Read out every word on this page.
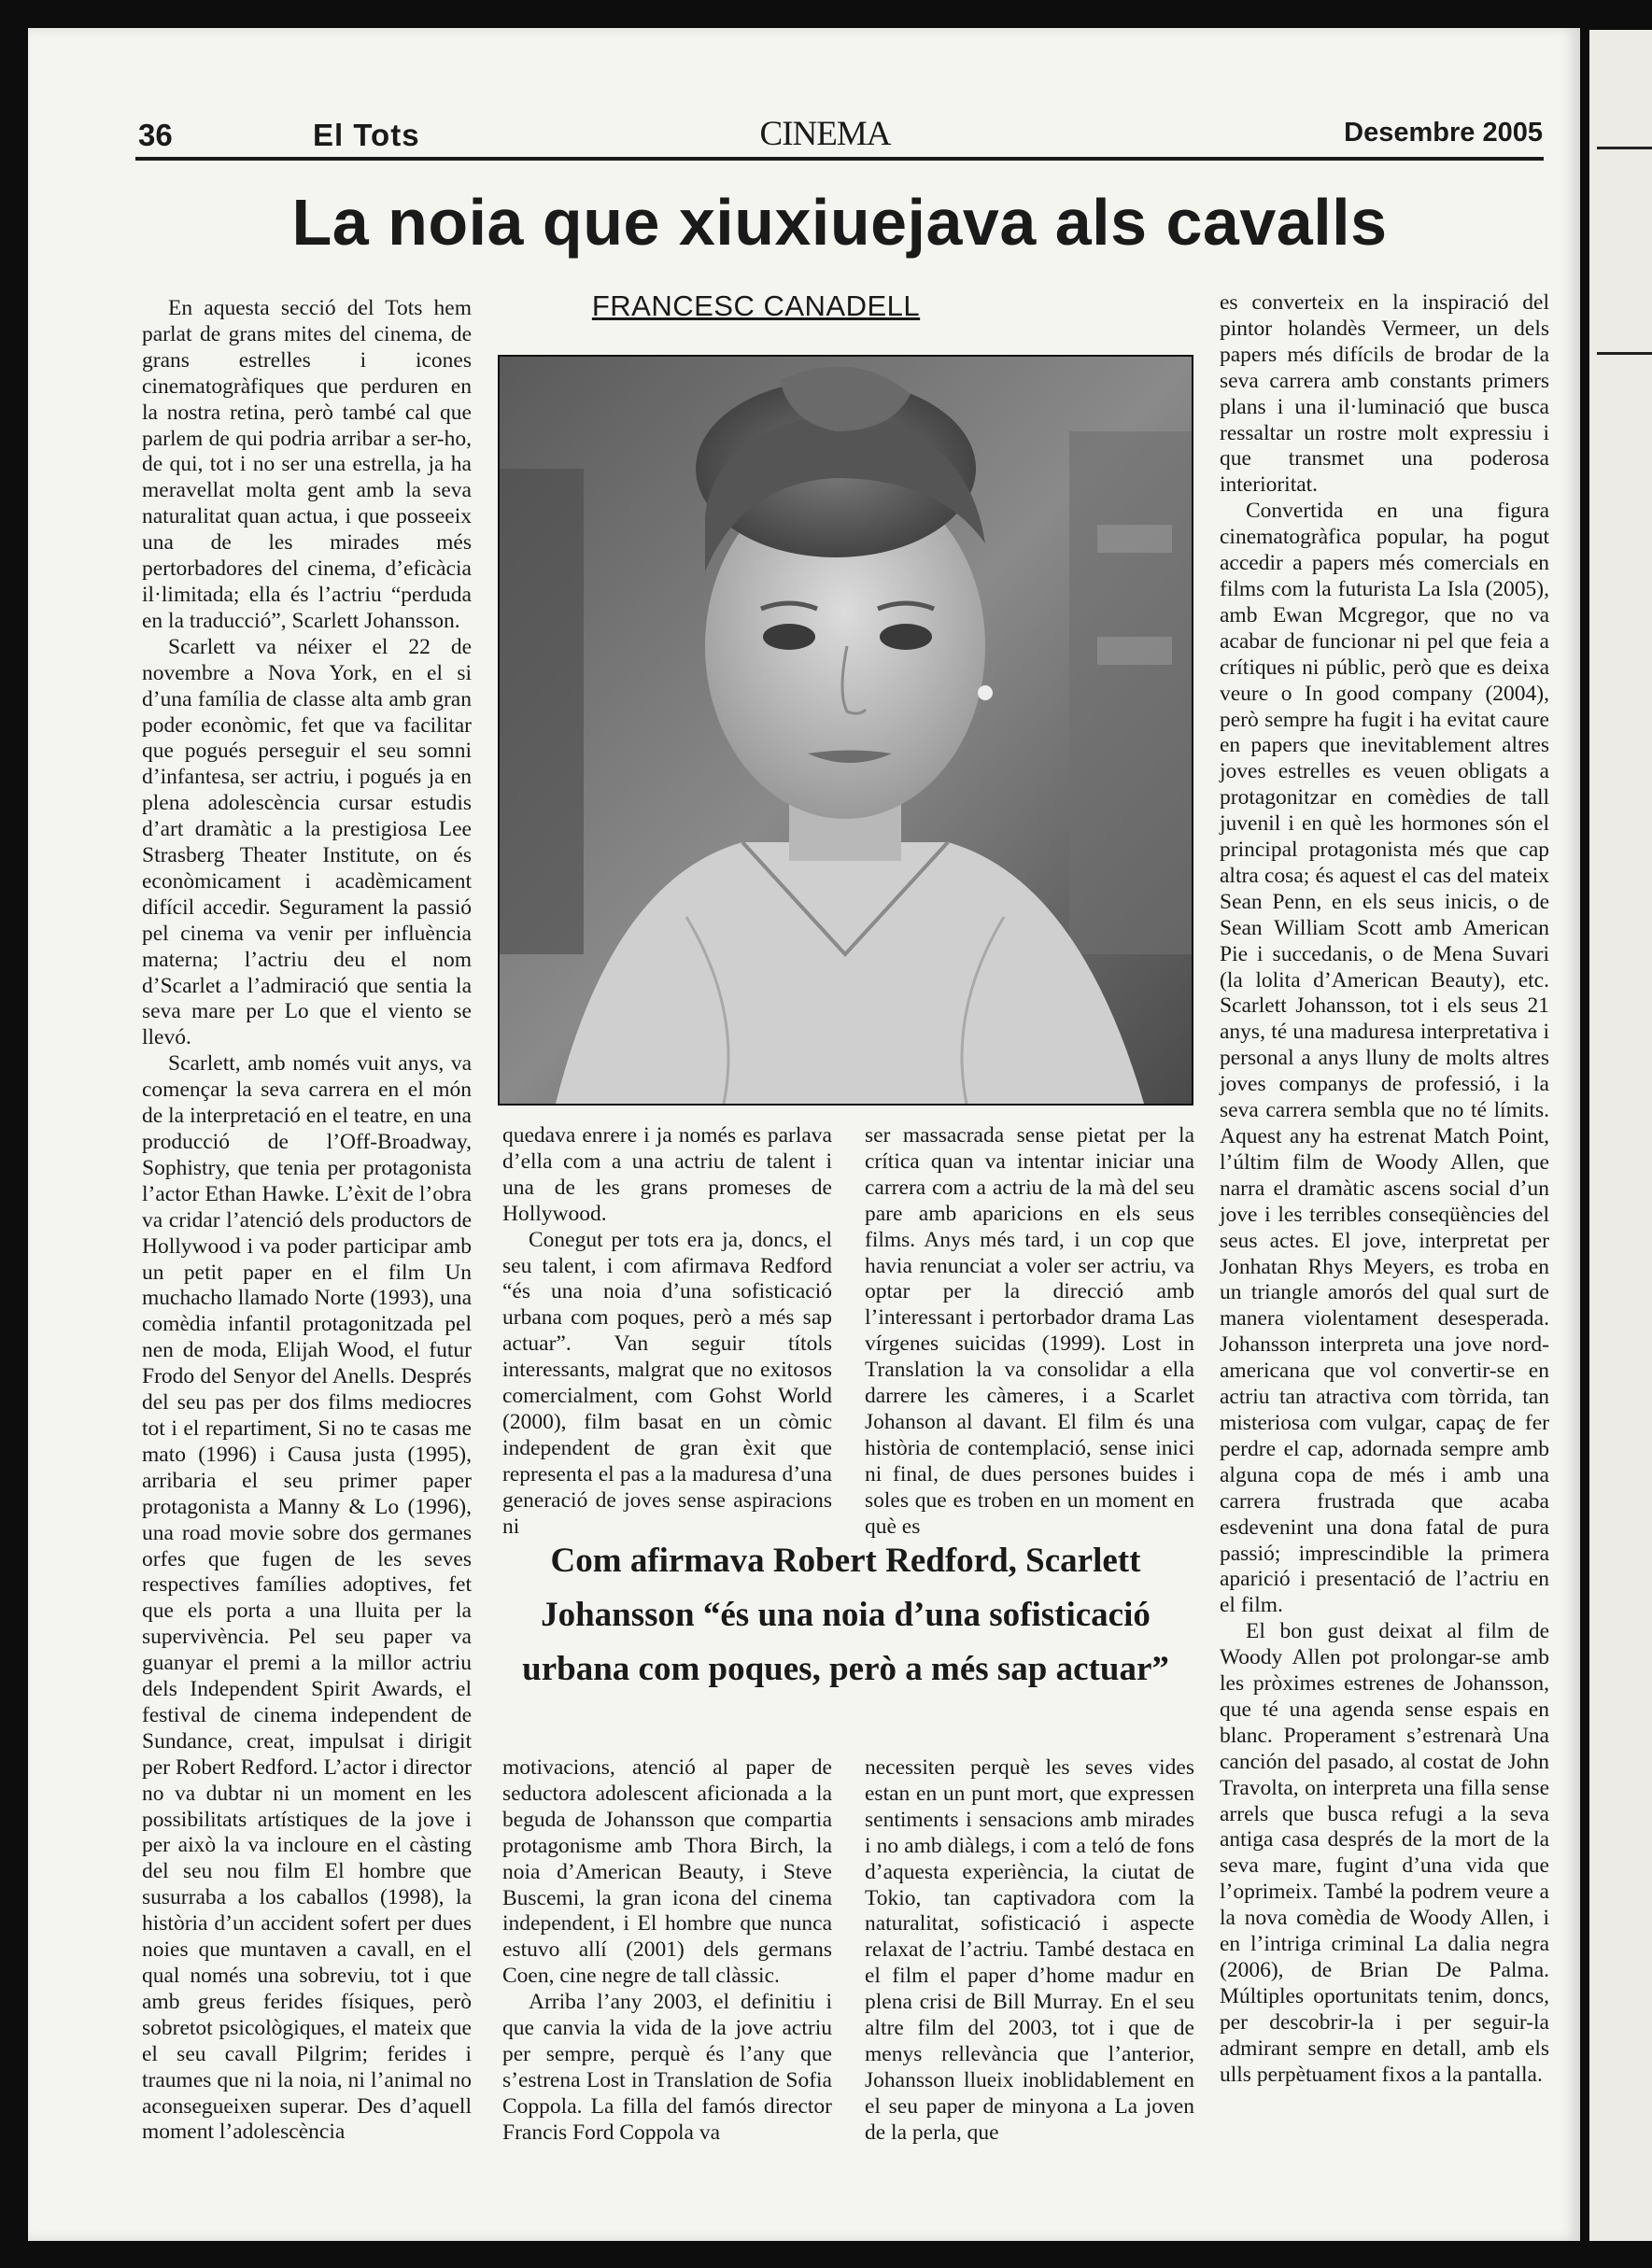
36	El Tots	CINEMA	Desembre 2005
La noia que xiuxiuejava als cavalls
FRANCESC CANADELL

En aquesta secció del Tots hem parlat de grans mites del cinema, de grans estrelles i icones cinematogràfiques que perduren en la nostra retina, però també cal que parlem de qui podria arribar a ser-ho, de qui, tot i no ser una estrella, ja ha meravellat molta gent amb la seva naturalitat quan actua, i que posseeix una de les mirades més pertorbadores del cinema, d’eficàcia il·limitada; ella és l’actriu “perduda en la traducció”, Scarlett Johansson.

Scarlett va néixer el 22 de novembre a Nova York, en el si d’una família de classe alta amb gran poder econòmic, fet que va facilitar que pogués perseguir el seu somni d’infantesa, ser actriu, i pogués ja en plena adolescència cursar estudis d’art dramàtic a la prestigiosa Lee Strasberg Theater Institute, on és econòmicament i acadèmicament difícil accedir. Segurament la passió pel cinema va venir per influència materna; l’actriu deu el nom d’Scarlet a l’admiració que sentia la seva mare per Lo que el viento se llevó.

Scarlett, amb només vuit anys, va començar la seva carrera en el món de la interpretació en el teatre, en una producció de l’Off-Broadway, Sophistry, que tenia per protagonista l’actor Ethan Hawke. L’èxit de l’obra va cridar l’atenció dels productors de Hollywood i va poder participar amb un petit paper en el film Un muchacho llamado Norte (1993), una comèdia infantil protagonitzada pel nen de moda, Elijah Wood, el futur Frodo del Senyor del Anells. Després del seu pas per dos films mediocres tot i el repartiment, Si no te casas me mato (1996) i Causa justa (1995), arribaria el seu primer paper protagonista a Manny & Lo (1996), una road movie sobre dos germanes orfes que fugen de les seves respectives famílies adoptives, fet que els porta a una lluita per la supervivència. Pel seu paper va guanyar el premi a la millor actriu dels Independent Spirit Awards, el festival de cinema independent de Sundance, creat, impulsat i dirigit per Robert Redford. L’actor i director no va dubtar ni un moment en les possibilitats artístiques de la jove i per això la va incloure en el càsting del seu nou film El hombre que susurraba a los caballos (1998), la història d’un accident sofert per dues noies que muntaven a cavall, en el qual només una sobreviu, tot i que amb greus ferides físiques, però sobretot psicològiques, el mateix que el seu cavall Pilgrim; ferides i traumes que ni la noia, ni l’animal no aconsegueixen superar. Des d’aquell moment l’adolescència

quedava enrere i ja només es parlava d’ella com a una actriu de talent i una de les grans promeses de Hollywood.

Conegut per tots era ja, doncs, el seu talent, i com afirmava Redford “és una noia d’una sofisticació urbana com poques, però a més sap actuar”. Van seguir títols interessants, malgrat que no exitosos comercialment, com Gohst World (2000), film basat en un còmic independent de gran èxit que representa el pas a la maduresa d’una generació de joves sense aspiracions ni

ser massacrada sense pietat per la crítica quan va intentar iniciar una carrera com a actriu de la mà del seu pare amb aparicions en els seus films. Anys més tard, i un cop que havia renunciat a voler ser actriu, va optar per la direcció amb l’interessant i pertorbador drama Las vírgenes suicidas (1999). Lost in Translation la va consolidar a ella darrere les càmeres, i a Scarlet Johanson al davant. El film és una història de contemplació, sense inici ni final, de dues persones buides i soles que es troben en un moment en què es

Com afirmava Robert Redford, Scarlett Johansson “és una noia d’una sofisticació urbana com poques, però a més sap actuar”

motivacions, atenció al paper de seductora adolescent aficionada a la beguda de Johansson que compartia protagonisme amb Thora Birch, la noia d’American Beauty, i Steve Buscemi, la gran icona del cinema independent, i El hombre que nunca estuvo allí (2001) dels germans Coen, cine negre de tall clàssic.

Arriba l’any 2003, el definitiu i que canvia la vida de la jove actriu per sempre, perquè és l’any que s’estrena Lost in Translation de Sofia Coppola. La filla del famós director Francis Ford Coppola va

necessiten perquè les seves vides estan en un punt mort, que expressen sentiments i sensacions amb mirades i no amb diàlegs, i com a teló de fons d’aquesta experiència, la ciutat de Tokio, tan captivadora com la naturalitat, sofisticació i aspecte relaxat de l’actriu. També destaca en el film el paper d’home madur en plena crisi de Bill Murray. En el seu altre film del 2003, tot i que de menys rellevància que l’anterior, Johansson llueix inoblidablement en el seu paper de minyona a La joven de la perla, que

es converteix en la inspiració del pintor holandès Vermeer, un dels papers més difícils de brodar de la seva carrera amb constants primers plans i una il·luminació que busca ressaltar un rostre molt expressiu i que transmet una poderosa interioritat.

Convertida en una figura cinematogràfica popular, ha pogut accedir a papers més comercials en films com la futurista La Isla (2005), amb Ewan Mcgregor, que no va acabar de funcionar ni pel que feia a crítiques ni públic, però que es deixa veure o In good company (2004), però sempre ha fugit i ha evitat caure en papers que inevitablement altres joves estrelles es veuen obligats a protagonitzar en comèdies de tall juvenil i en què les hormones són el principal protagonista més que cap altra cosa; és aquest el cas del mateix Sean Penn, en els seus inicis, o de Sean William Scott amb American Pie i succedanis, o de Mena Suvari (la lolita d’American Beauty), etc. Scarlett Johansson, tot i els seus 21 anys, té una maduresa interpretativa i personal a anys lluny de molts altres joves companys de professió, i la seva carrera sembla que no té límits. Aquest any ha estrenat Match Point, l’últim film de Woody Allen, que narra el dramàtic ascens social d’un jove i les terribles conseqüències del seus actes. El jove, interpretat per Jonhatan Rhys Meyers, es troba en un triangle amorós del qual surt de manera violentament desesperada. Johansson interpreta una jove nord-americana que vol convertir-se en actriu tan atractiva com tòrrida, tan misteriosa com vulgar, capaç de fer perdre el cap, adornada sempre amb alguna copa de més i amb una carrera frustrada que acaba esdevenint una dona fatal de pura passió; imprescindible la primera aparició i presentació de l’actriu en el film.

El bon gust deixat al film de Woody Allen pot prolongar-se amb les pròximes estrenes de Johansson, que té una agenda sense espais en blanc. Properament s’estrenarà Una canción del pasado, al costat de John Travolta, on interpreta una filla sense arrels que busca refugi a la seva antiga casa després de la mort de la seva mare, fugint d’una vida que l’oprimeix. També la podrem veure a la nova comèdia de Woody Allen, i en l’intriga criminal La dalia negra (2006), de Brian De Palma. Múltiples oportunitats tenim, doncs, per descobrir-la i per seguir-la admirant sempre en detall, amb els ulls perpètuament fixos a la pantalla.
